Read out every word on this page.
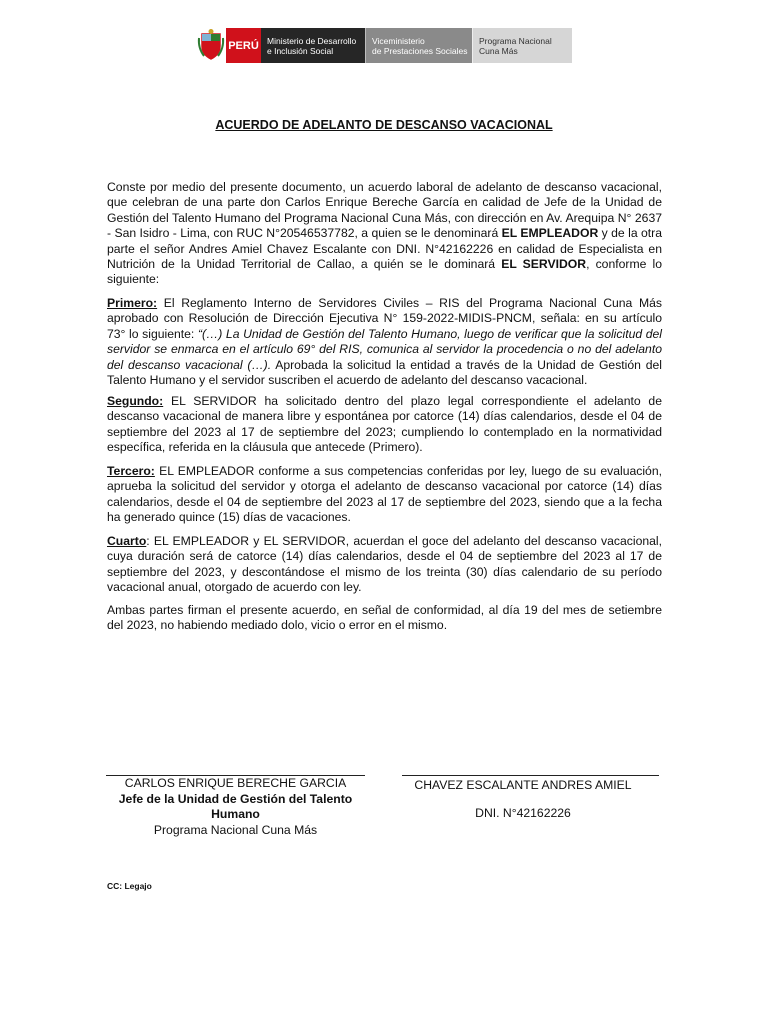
PERÚ Ministerio de Desarrollo
e Inclusión Social
Viceministerio
de Prestaciones Sociales
Programa Nacional
Cuna Más
ACUERDO DE ADELANTO DE DESCANSO VACACIONAL

Conste por medio del presente documento, un acuerdo laboral de adelanto de descanso vacacional, que celebran de una parte don Carlos Enrique Bereche García en calidad de Jefe de la Unidad de Gestión del Talento Humano del Programa Nacional Cuna Más, con dirección en Av. Arequipa N° 2637 - San Isidro - Lima, con RUC N°20546537782, a quien se le denominará EL EMPLEADOR y de la otra parte el señor Andres Amiel Chavez Escalante con DNI. N°42162226 en calidad de Especialista en Nutrición de la Unidad Territorial de Callao, a quién se le dominará EL SERVIDOR, conforme lo siguiente:

Primero: El Reglamento Interno de Servidores Civiles – RIS del Programa Nacional Cuna Más aprobado con Resolución de Dirección Ejecutiva N° 159-2022-MIDIS-PNCM, señala: en su artículo 73° lo siguiente: “(…) La Unidad de Gestión del Talento Humano, luego de verificar que la solicitud del servidor se enmarca en el artículo 69° del RIS, comunica al servidor la procedencia o no del adelanto del descanso vacacional (…). Aprobada la solicitud la entidad a través de la Unidad de Gestión del Talento Humano y el servidor suscriben el acuerdo de adelanto del descanso vacacional.

Segundo: EL SERVIDOR ha solicitado dentro del plazo legal correspondiente el adelanto de descanso vacacional de manera libre y espontánea por catorce (14) días calendarios, desde el 04 de septiembre del 2023 al 17 de septiembre del 2023; cumpliendo lo contemplado en la normatividad específica, referida en la cláusula que antecede (Primero).

Tercero: EL EMPLEADOR conforme a sus competencias conferidas por ley, luego de su evaluación, aprueba la solicitud del servidor y otorga el adelanto de descanso vacacional por catorce (14) días calendarios, desde el 04 de septiembre del 2023 al 17 de septiembre del 2023, siendo que a la fecha ha generado quince (15) días de vacaciones.

Cuarto: EL EMPLEADOR y EL SERVIDOR, acuerdan el goce del adelanto del descanso vacacional, cuya duración será de catorce (14) días calendarios, desde el 04 de septiembre del 2023 al 17 de septiembre del 2023, y descontándose el mismo de los treinta (30) días calendario de su período vacacional anual, otorgado de acuerdo con ley.

Ambas partes firman el presente acuerdo, en señal de conformidad, al día 19 del mes de setiembre del 2023, no habiendo mediado dolo, vicio o error en el mismo.

CARLOS ENRIQUE BERECHE GARCIA
Jefe de la Unidad de Gestión del Talento Humano
Programa Nacional Cuna Más
CHAVEZ ESCALANTE ANDRES AMIEL
DNI. N°42162226
CC: Legajo
